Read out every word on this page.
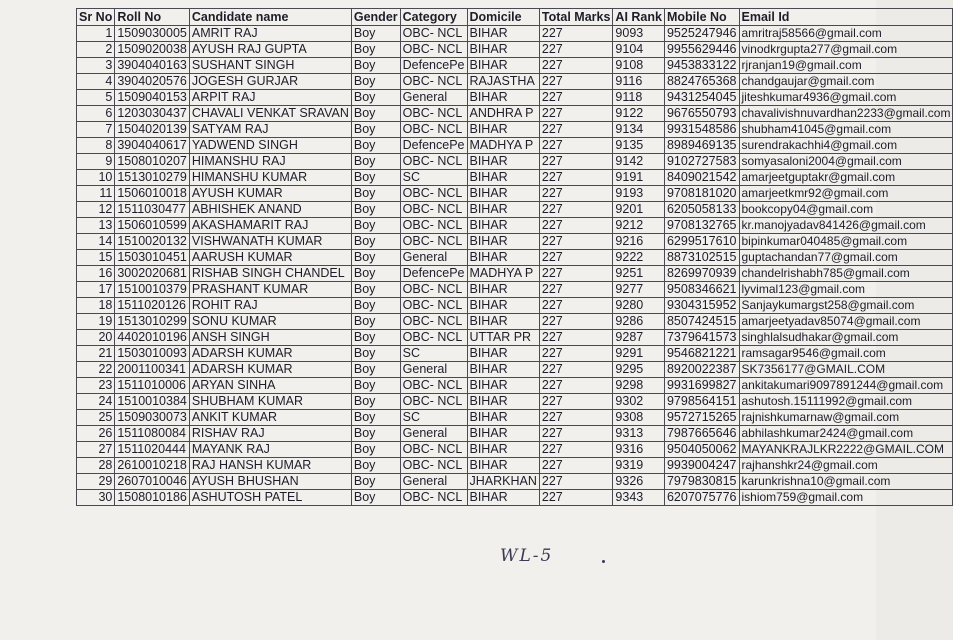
Sr No	Roll No	Candidate name	Gender	Category	Domicile	Total Marks	AI Rank	Mobile No	Email Id
1	1509030005	AMRIT RAJ	Boy	OBC- NCL	BIHAR	227	9093	9525247946	amritraj58566@gmail.com
2	1509020038	AYUSH RAJ GUPTA	Boy	OBC- NCL	BIHAR	227	9104	9955629446	vinodkrgupta277@gmail.com
3	3904040163	SUSHANT SINGH	Boy	DefencePe	BIHAR	227	9108	9453833122	rjranjan19@gmail.com
4	3904020576	JOGESH GURJAR	Boy	OBC- NCL	RAJASTHA	227	9116	8824765368	chandgaujar@gmail.com
5	1509040153	ARPIT RAJ	Boy	General	BIHAR	227	9118	9431254045	jiteshkumar4936@gmail.com
6	1203030437	CHAVALI VENKAT SRAVAN	Boy	OBC- NCL	ANDHRA P	227	9122	9676550793	chavalivishnuvardhan2233@gmail.com
7	1504020139	SATYAM RAJ	Boy	OBC- NCL	BIHAR	227	9134	9931548586	shubham41045@gmail.com
8	3904040617	YADWEND SINGH	Boy	DefencePe	MADHYA P	227	9135	8989469135	surendrakachhi4@gmail.com
9	1508010207	HIMANSHU RAJ	Boy	OBC- NCL	BIHAR	227	9142	9102727583	somyasaloni2004@gmail.com
10	1513010279	HIMANSHU KUMAR	Boy	SC	BIHAR	227	9191	8409021542	amarjeetguptakr@gmail.com
11	1506010018	AYUSH KUMAR	Boy	OBC- NCL	BIHAR	227	9193	9708181020	amarjeetkmr92@gmail.com
12	1511030477	ABHISHEK ANAND	Boy	OBC- NCL	BIHAR	227	9201	6205058133	bookcopy04@gmail.com
13	1506010599	AKASHAMARIT RAJ	Boy	OBC- NCL	BIHAR	227	9212	9708132765	kr.manojyadav841426@gmail.com
14	1510020132	VISHWANATH KUMAR	Boy	OBC- NCL	BIHAR	227	9216	6299517610	bipinkumar040485@gmail.com
15	1503010451	AARUSH KUMAR	Boy	General	BIHAR	227	9222	8873102515	guptachandan77@gmail.com
16	3002020681	RISHAB SINGH CHANDEL	Boy	DefencePe	MADHYA P	227	9251	8269970939	chandelrishabh785@gmail.com
17	1510010379	PRASHANT KUMAR	Boy	OBC- NCL	BIHAR	227	9277	9508346621	lyvimal123@gmail.com
18	1511020126	ROHIT RAJ	Boy	OBC- NCL	BIHAR	227	9280	9304315952	Sanjaykumargst258@gmail.com
19	1513010299	SONU KUMAR	Boy	OBC- NCL	BIHAR	227	9286	8507424515	amarjeetyadav85074@gmail.com
20	4402010196	ANSH SINGH	Boy	OBC- NCL	UTTAR PR	227	9287	7379641573	singhlalsudhakar@gmail.com
21	1503010093	ADARSH KUMAR	Boy	SC	BIHAR	227	9291	9546821221	ramsagar9546@gmail.com
22	2001100341	ADARSH KUMAR	Boy	General	BIHAR	227	9295	8920022387	SK7356177@GMAIL.COM
23	1511010006	ARYAN SINHA	Boy	OBC- NCL	BIHAR	227	9298	9931699827	ankitakumari9097891244@gmail.com
24	1510010384	SHUBHAM KUMAR	Boy	OBC- NCL	BIHAR	227	9302	9798564151	ashutosh.15111992@gmail.com
25	1509030073	ANKIT KUMAR	Boy	SC	BIHAR	227	9308	9572715265	rajnishkumarnaw@gmail.com
26	1511080084	RISHAV RAJ	Boy	General	BIHAR	227	9313	7987665646	abhilashkumar2424@gmail.com
27	1511020444	MAYANK RAJ	Boy	OBC- NCL	BIHAR	227	9316	9504050062	MAYANKRAJLKR2222@GMAIL.COM
28	2610010218	RAJ HANSH KUMAR	Boy	OBC- NCL	BIHAR	227	9319	9939004247	rajhanshkr24@gmail.com
29	2607010046	AYUSH BHUSHAN	Boy	General	JHARKHAN	227	9326	7979830815	karunkrishna10@gmail.com
30	1508010186	ASHUTOSH PATEL	Boy	OBC- NCL	BIHAR	227	9343	6207075776	ishiom759@gmail.com
WL-5
